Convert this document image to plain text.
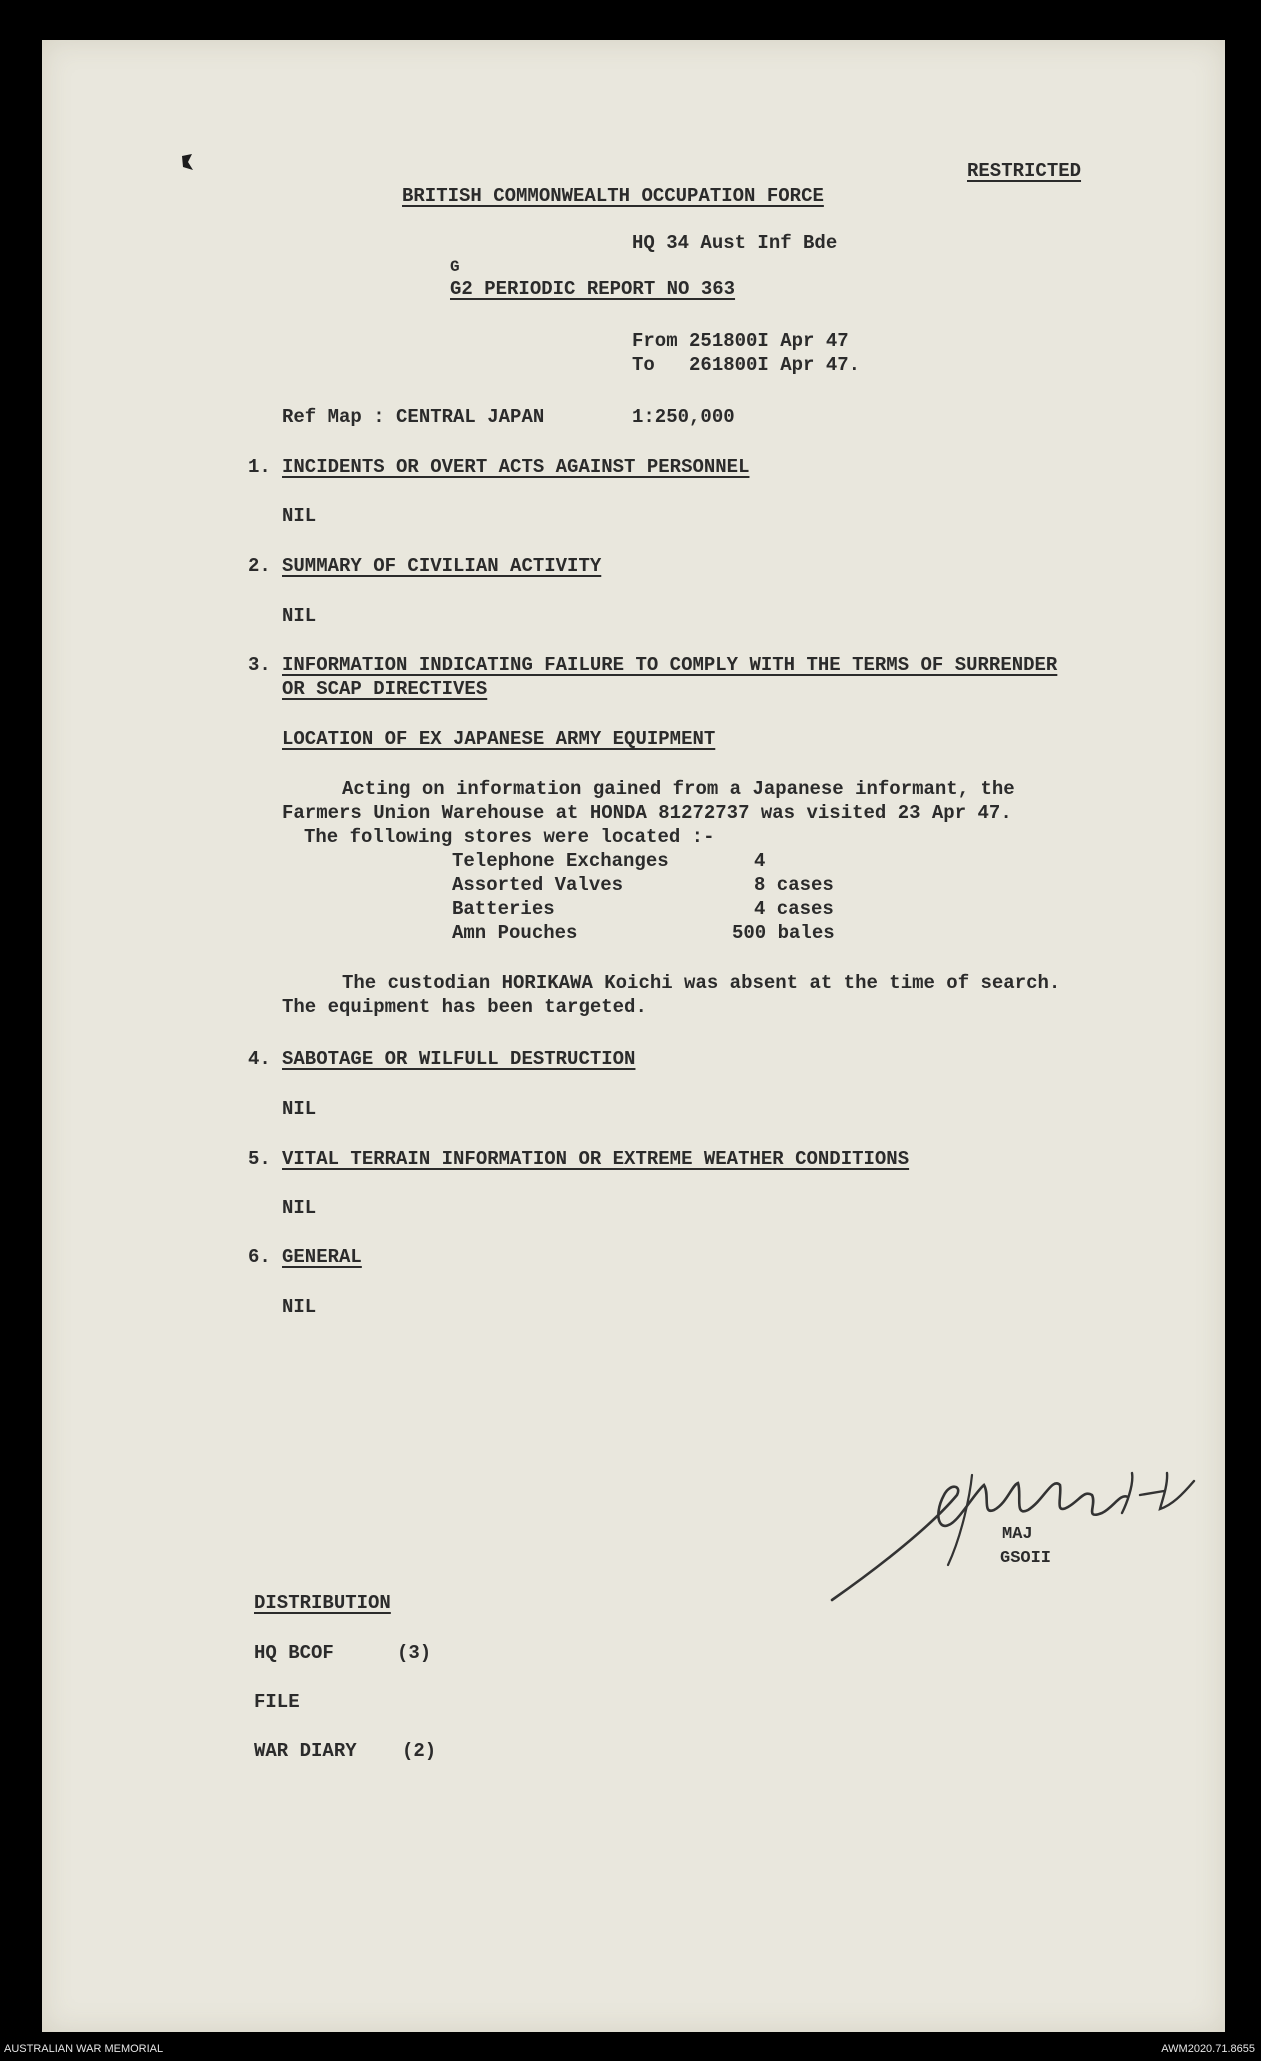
RESTRICTED
BRITISH COMMONWEALTH OCCUPATION FORCE
HQ 34 Aust Inf Bde
G
G2 PERIODIC REPORT NO 363
From 251800I Apr 47
To   261800I Apr 47.
Ref Map : CENTRAL JAPAN	1:250,000
1. INCIDENTS OR OVERT ACTS AGAINST PERSONNEL
NIL
2. SUMMARY OF CIVILIAN ACTIVITY
NIL
3. INFORMATION INDICATING FAILURE TO COMPLY WITH THE TERMS OF SURRENDER
OR SCAP DIRECTIVES
LOCATION OF EX JAPANESE ARMY EQUIPMENT
Acting on information gained from a Japanese informant, the
Farmers Union Warehouse at HONDA 81272737 was visited 23 Apr 47.
The following stores were located :-
Telephone Exchanges	4
Assorted Valves	8 cases
Batteries	4 cases
Amn Pouches	500 bales
The custodian HORIKAWA Koichi was absent at the time of search.
The equipment has been targeted.
4. SABOTAGE OR WILFULL DESTRUCTION
NIL
5. VITAL TERRAIN INFORMATION OR EXTREME WEATHER CONDITIONS
NIL
6. GENERAL
NIL
MAJ
GSOII
DISTRIBUTION
HQ BCOF	(3)
FILE
WAR DIARY (2)
AUSTRALIAN WAR MEMORIAL	AWM2020.71.8655
